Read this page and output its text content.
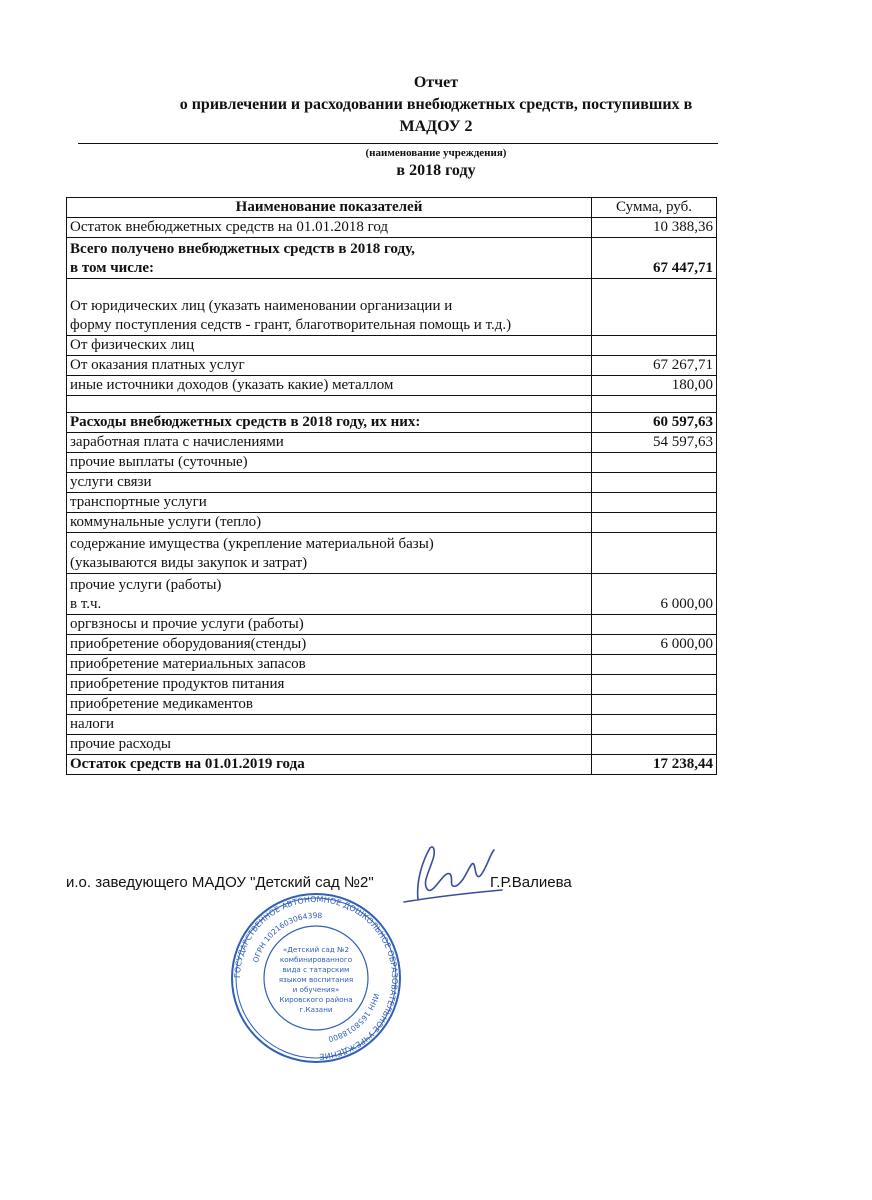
Отчет
о привлечении и расходовании внебюджетных средств, поступивших в
МАДОУ 2
(наименование учреждения)
в 2018 году
Наименование показателей	Сумма, руб.
Остаток внебюджетных средств на 01.01.2018 год	10 388,36

Всего получено внебюджетных средств в 2018 году,
в том числе:	67 447,71

От юридических лиц (указать наименовании организации и
форму поступления седств - грант, благотворительная помощь и т.д.)	

От физических лиц	
От оказания платных услуг	67 267,71
иные источники доходов (указать какие) металлом	180,00

Расходы внебюджетных средств в 2018 году, их них:	60 597,63
заработная плата с начислениями	54 597,63
прочие выплаты (суточные)	
услуги связи	
транспортные услуги	
коммунальные услуги (тепло)	

содержание имущества (укрепление материальной базы)
(указываются виды закупок и затрат)	

прочие услуги (работы)
в т.ч.	6 000,00
оргвзносы и прочие услуги (работы)	
приобретение оборудования(стенды)	6 000,00
приобретение материальных запасов	
приобретение продуктов питания	
приобретение медикаментов	
налоги	
прочие расходы	
Остаток средств на 01.01.2019 года	17 238,44
и.о. заведующего МАДОУ "Детский сад №2"	Г.Р.Валиева
ГОСУДАРСТВЕННОЕ АВТОНОМНОЕ ДОШКОЛЬНОЕ ОБРАЗОВАТЕЛЬНОЕ УЧРЕЖДЕНИЕ
ОГРН 1021603064398
ИНН 1658018800
«Детский сад №2
комбинированного
вида с татарским
языком воспитания
и обучения»
Кировского района
г.Казани
